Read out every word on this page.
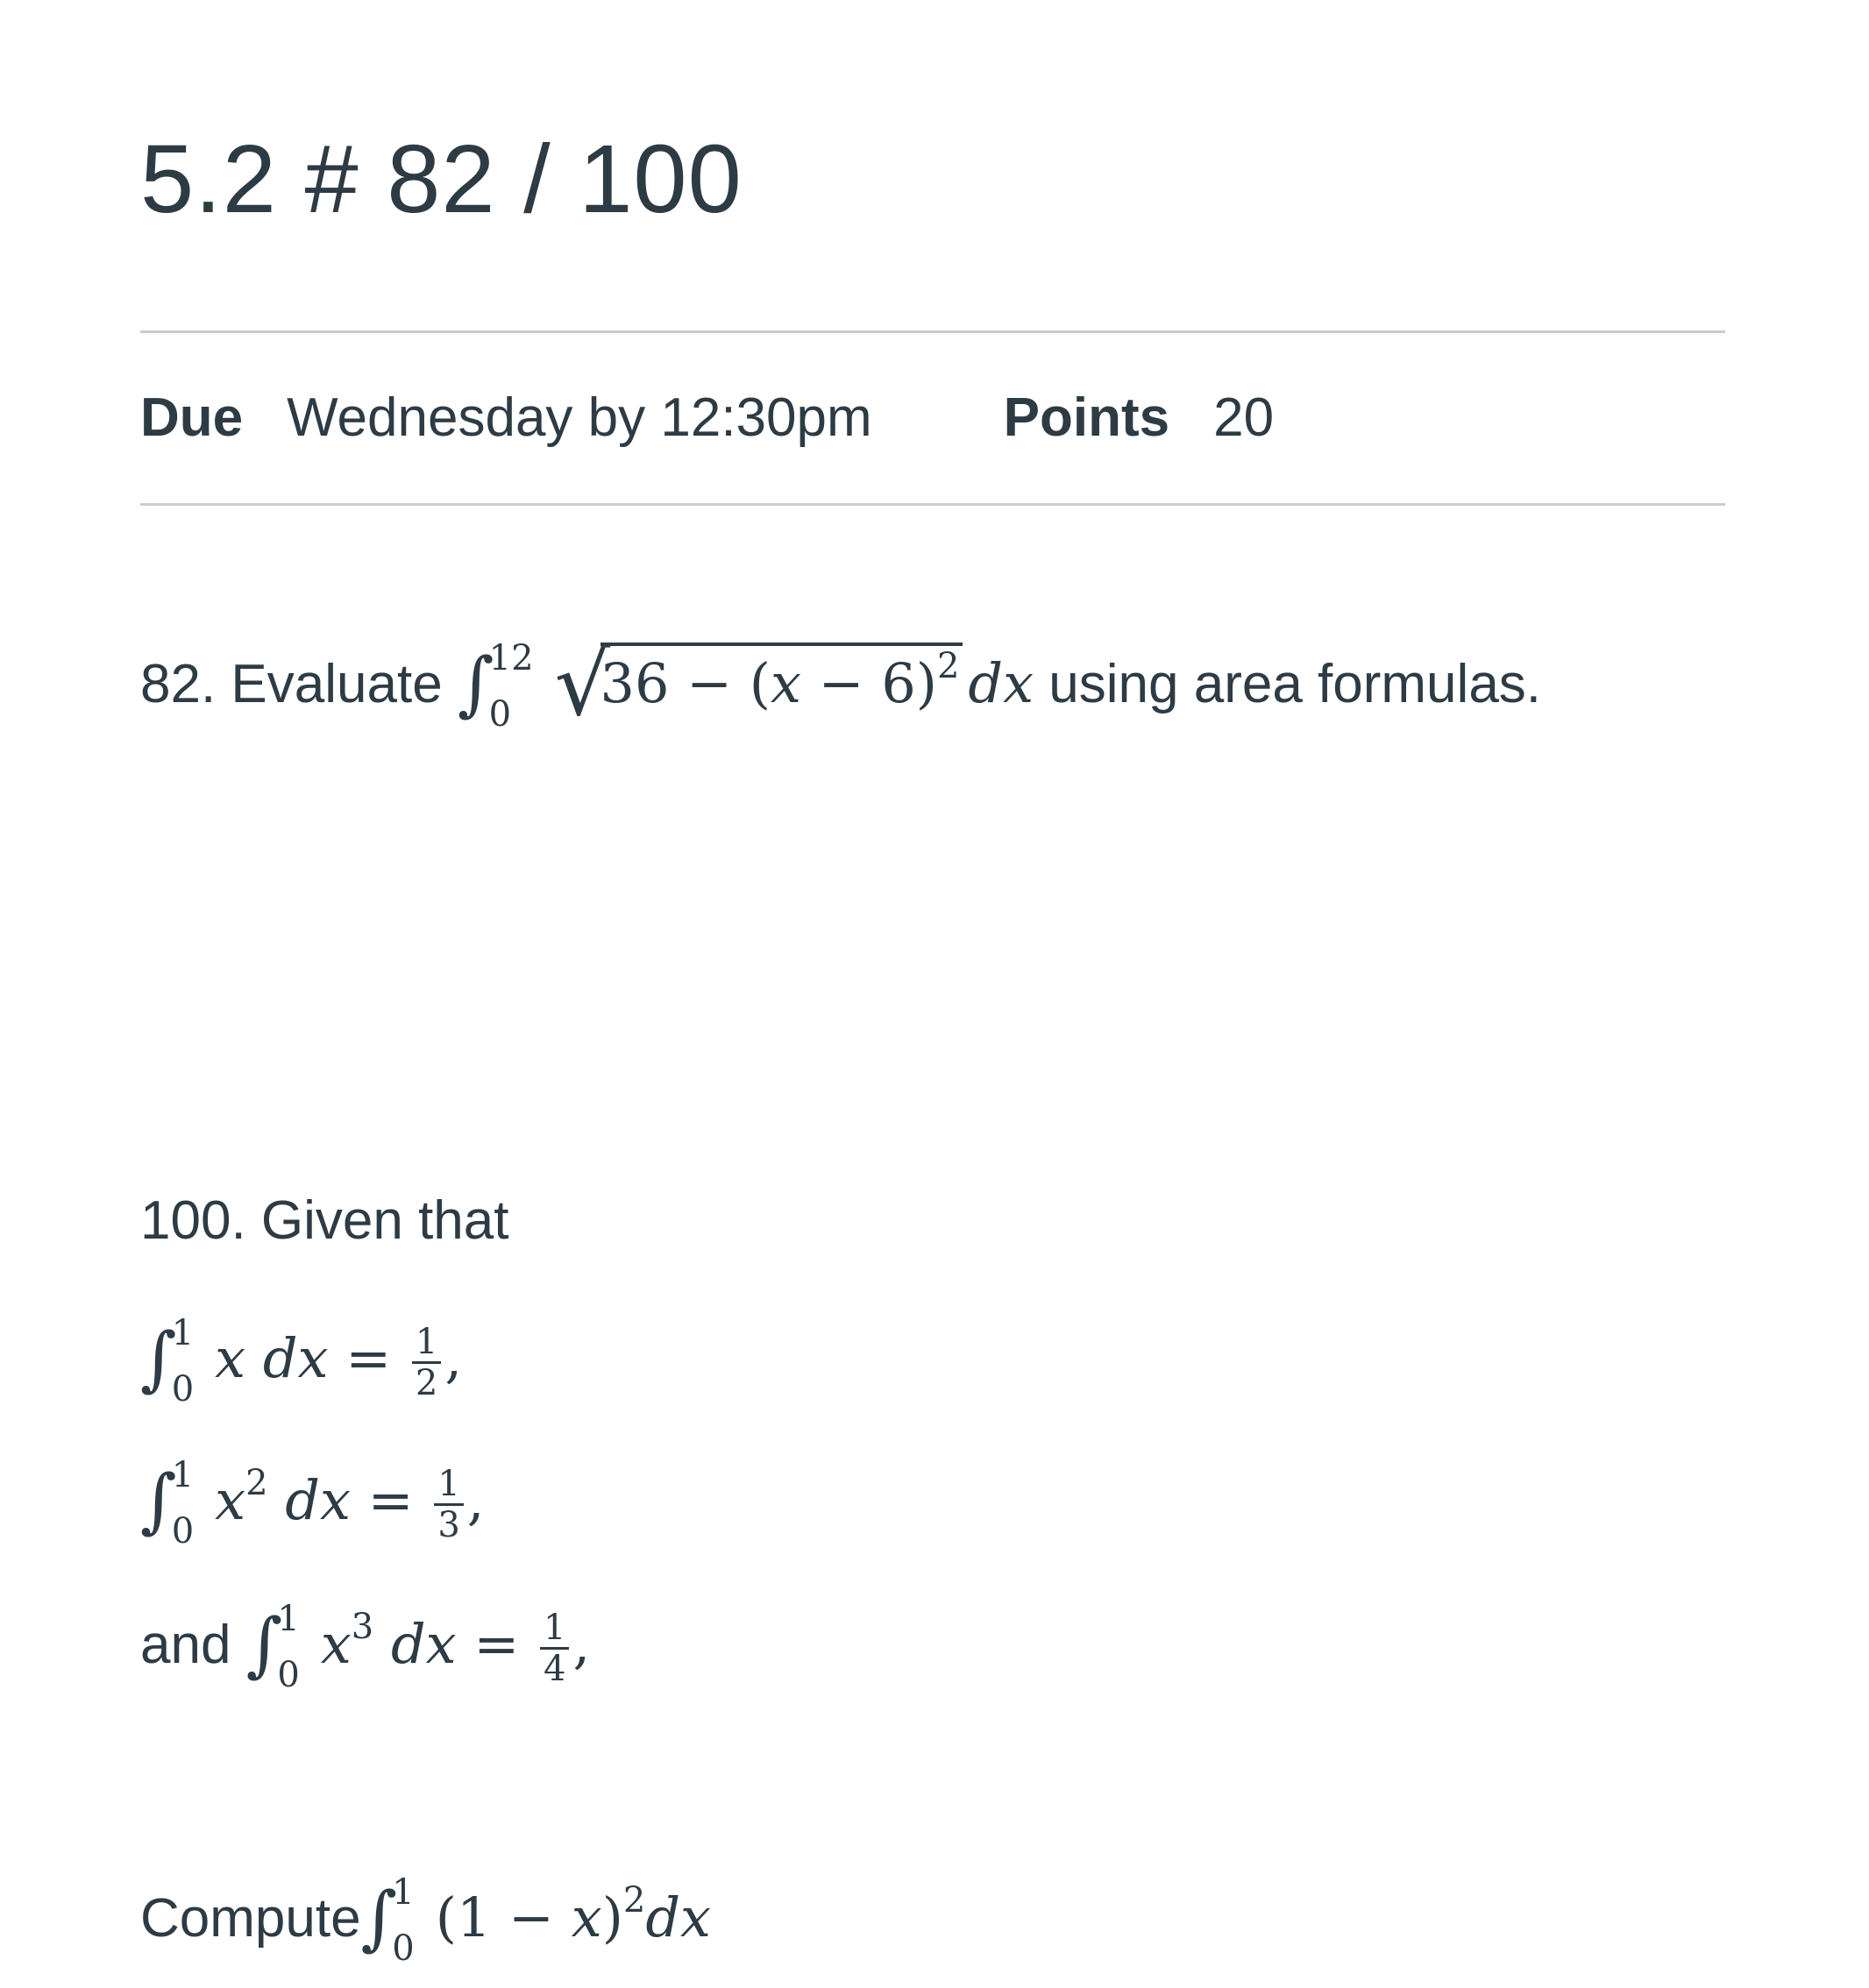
5.2 # 82 / 100
Due Wednesday by 12:30pm Points 20
82. Evaluate ∫
12
0 √
$36 - (x - 6)^2$ dx using area formulas.
100. Given that
∫
1
0 x dx = $\frac{1}{2}$ ,
∫
1
0 $x^2$ dx = $\frac{1}{3}$ ,
and ∫
1
0 $x^3$ dx = $\frac{1}{4}$ ,
Compute∫
1
0 $(1 - x)^2dx$
